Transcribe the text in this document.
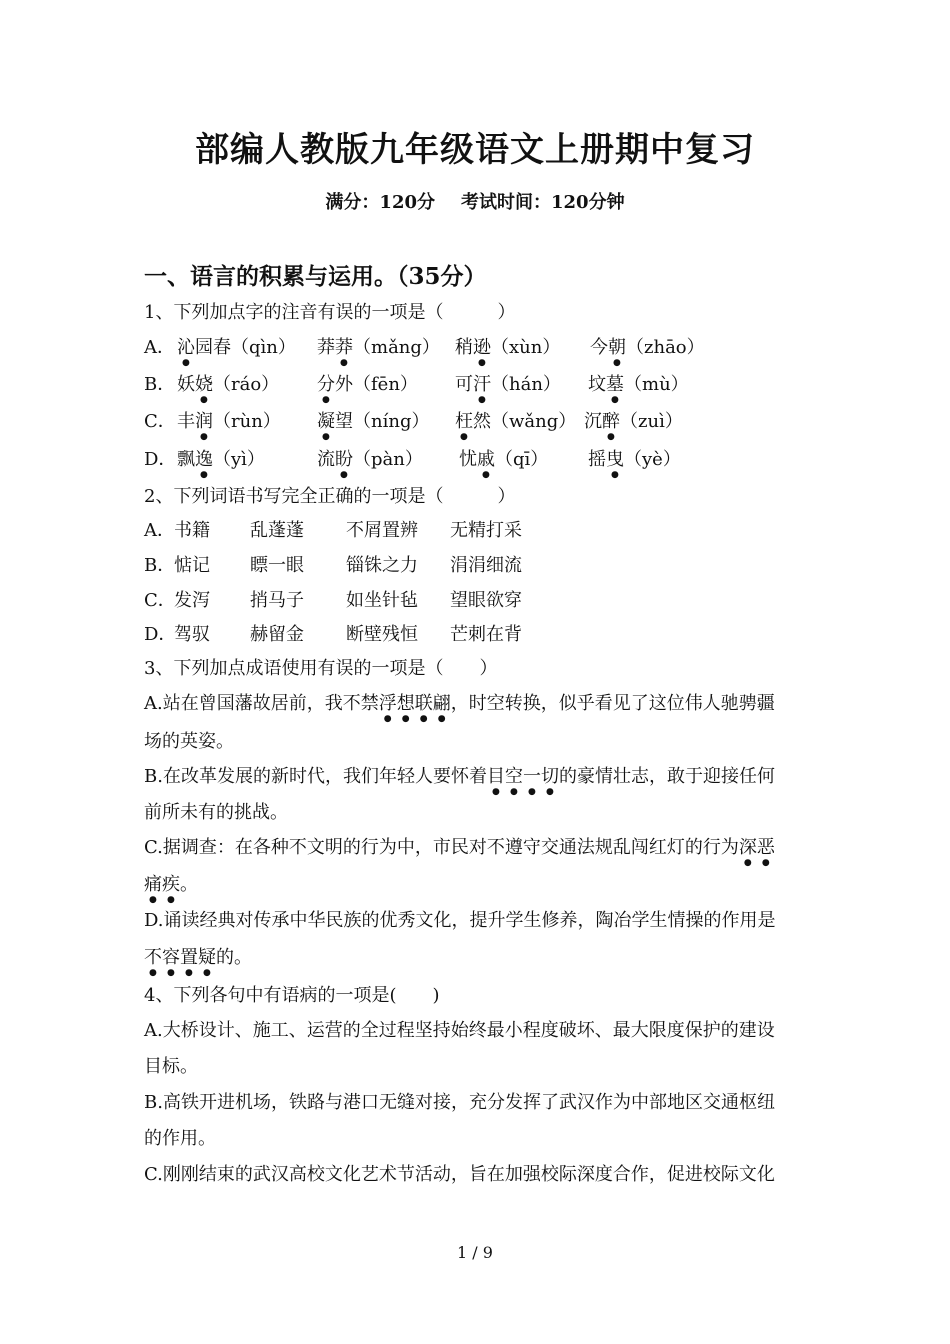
部编人教版九年级语文上册期中复习
满分：120分 考试时间：120分钟
一、语言的积累与运用。（35分）
1、下列加点字的注音有误的一项是（　　　）
A． 沁园春（qìn） 莽莽（mǎng） 稍逊（xùn） 今朝（zhāo）
B． 妖娆（ráo） 分外（fēn） 可汗（hán） 坟墓（mù）
C． 丰润（rùn） 凝望（níng） 枉然（wǎng） 沉醉（zuì）
D． 飘逸（yì）	流盼（pàn） 忧戚（qī） 摇曳（yè）
2、下列词语书写完全正确的一项是（　　　）
A． 书籍 乱蓬蓬 不屑置辨 无精打采
B．
惦记 瞟一眼 锱铢之力 涓涓细流
C．
发泻 捎马子 如坐针毡 望眼欲穿
D．
驾驭 赫留金 断壁残恒 芒刺在背
3、下列加点成语使用有误的一项是（　　）
A.站在曾国藩故居前，我不禁浮想联翩，时空转换，似乎看见了这位伟人驰骋疆
场的英姿。
B.在改革发展的新时代，我们年轻人要怀着目空一切的豪情壮志，敢于迎接任何
前所未有的挑战。
C.据调查：在各种不文明的行为中，市民对不遵守交通法规乱闯红灯的行为深恶
痛疾。
D.诵读经典对传承中华民族的优秀文化，提升学生修养，陶冶学生情操的作用是
不容置疑的。
4、下列各句中有语病的一项是(　　)
A.大桥设计、施工、运营的全过程坚持始终最小程度破坏、最大限度保护的建设
目标。
B.高铁开进机场，铁路与港口无缝对接，充分发挥了武汉作为中部地区交通枢纽
的作用。
C.刚刚结束的武汉高校文化艺术节活动，旨在加强校际深度合作，促进校际文化
1 / 9
